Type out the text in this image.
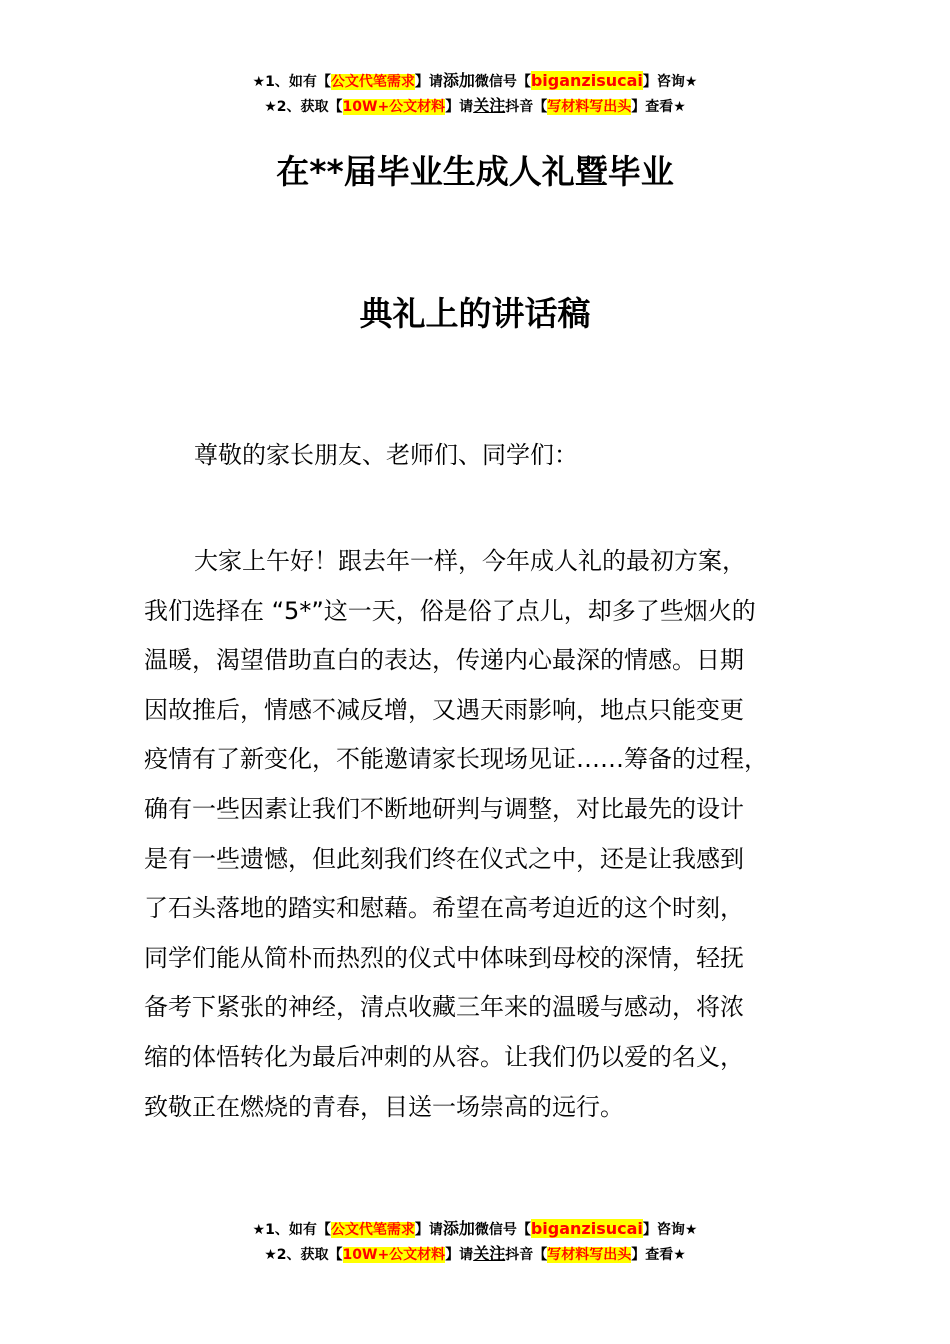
★1、如有【公文代笔需求】请添加微信号【biganzisucai】咨询★
★2、获取【10W+公文材料】请关注抖音【写材料写出头】查看★
在**届毕业生成人礼暨毕业
典礼上的讲话稿
尊敬的家长朋友、老师们、同学们：
大家上午好！跟去年一样，今年成人礼的最初方案，
我们选择在 “5*”这一天，俗是俗了点儿，却多了些烟火的
温暖，渴望借助直白的表达，传递内心最深的情感。日期
因故推后，情感不减反增，又遇天雨影响，地点只能变更
疫情有了新变化，不能邀请家长现场见证……筹备的过程，
确有一些因素让我们不断地研判与调整，对比最先的设计
是有一些遗憾，但此刻我们终在仪式之中，还是让我感到
了石头落地的踏实和慰藉。希望在高考迫近的这个时刻，
同学们能从简朴而热烈的仪式中体味到母校的深情，轻抚
备考下紧张的神经，清点收藏三年来的温暖与感动，将浓
缩的体悟转化为最后冲刺的从容。让我们仍以爱的名义，
致敬正在燃烧的青春，目送一场崇高的远行。
★1、如有【公文代笔需求】请添加微信号【biganzisucai】咨询★
★2、获取【10W+公文材料】请关注抖音【写材料写出头】查看★
